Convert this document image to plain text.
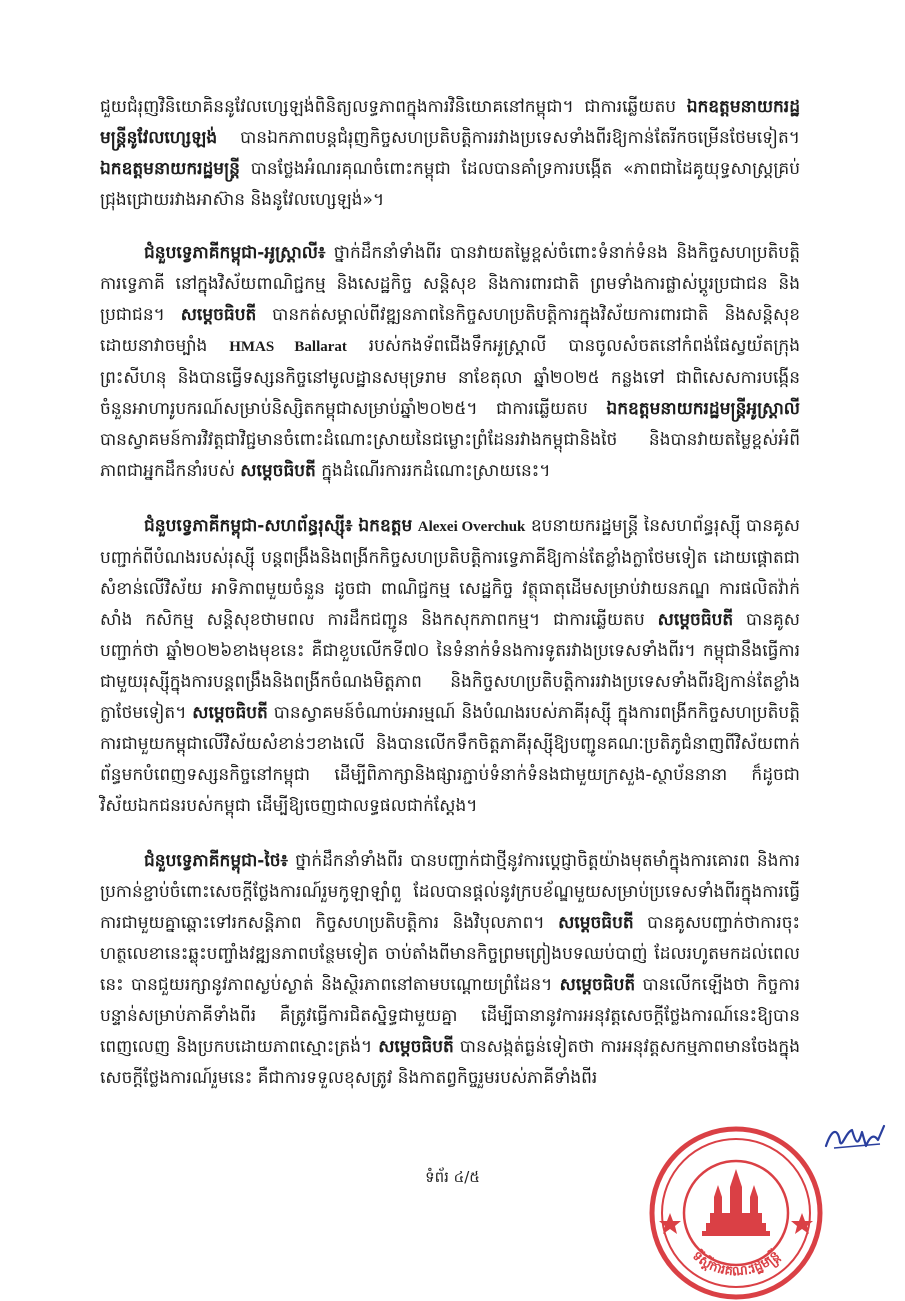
ជួយជំរុញវិនិយោគិននូវែលហ្សេឡង់ពិនិត្យលទ្ធភាពក្នុងការវិនិយោគនៅកម្ពុជា។ ជាការឆ្លើយតប ឯកឧត្តមនាយករដ្ឋមន្ត្រីនូវែលហ្សេឡង់ បានឯកភាពបន្តជំរុញកិច្ចសហប្រតិបត្តិការរវាងប្រទេសទាំងពីរឱ្យកាន់តែរីកចម្រើនថែមទៀត។ ឯកឧត្តមនាយករដ្ឋមន្ត្រី បានថ្លែងអំណរគុណចំពោះកម្ពុជា ដែលបានគាំទ្រការបង្កើត «ភាពជាដៃគូយុទ្ធសាស្ត្រគ្រប់ជ្រុងជ្រោយរវាងអាស៊ាន និងនូវែលហ្សេឡង់»។

ជំនួបទ្វេភាគីកម្ពុជា-អូស្ត្រាលី៖ ថ្នាក់ដឹកនាំទាំងពីរ បានវាយតម្លៃខ្ពស់ចំពោះទំនាក់ទំនង និងកិច្ចសហប្រតិបត្តិការទ្វេភាគី នៅក្នុងវិស័យពាណិជ្ជកម្ម និងសេដ្ឋកិច្ច សន្តិសុខ និងការពារជាតិ ព្រមទាំងការផ្លាស់ប្តូរប្រជាជន និងប្រជាជន។ សម្តេចធិបតី បានកត់សម្គាល់ពីវឌ្ឍនភាពនៃកិច្ចសហប្រតិបត្តិការក្នុងវិស័យការពារជាតិ និងសន្តិសុខ ដោយនាវាចម្បាំង HMAS Ballarat របស់កងទ័ពជើងទឹកអូស្ត្រាលី បានចូលសំចតនៅកំពង់ផែស្វយ័តក្រុងព្រះសីហនុ និងបានធ្វើទស្សនកិច្ចនៅមូលដ្ឋានសមុទ្ររាម នាខែតុលា ឆ្នាំ២០២៥ កន្លងទៅ ជាពិសេសការបង្កើនចំនួនអាហារូបករណ៍សម្រាប់និស្សិតកម្ពុជាសម្រាប់ឆ្នាំ២០២៥។ ជាការឆ្លើយតប ឯកឧត្តមនាយករដ្ឋមន្ត្រីអូស្ត្រាលី បានស្វាគមន៍ការវិវត្តជាវិជ្ជមានចំពោះដំណោះស្រាយនៃជម្លោះព្រំដែនរវាងកម្ពុជានិងថៃ និងបានវាយតម្លៃខ្ពស់អំពីភាពជាអ្នកដឹកនាំរបស់ សម្តេចធិបតី ក្នុងដំណើរការរកដំណោះស្រាយនេះ។

ជំនួបទ្វេភាគីកម្ពុជា-សហព័ន្ធរុស្ស៊ី៖ ឯកឧត្តម Alexei Overchuk ឧបនាយករដ្ឋមន្ត្រី នៃសហព័ន្ធរុស្ស៊ី បានគូសបញ្ជាក់ពីបំណងរបស់រុស្ស៊ី បន្តពង្រឹងនិងពង្រីកកិច្ចសហប្រតិបត្តិការទ្វេភាគីឱ្យកាន់តែខ្លាំងក្លាថែមទៀត ដោយផ្តោតជាសំខាន់លើវិស័យ អាទិភាពមួយចំនួន ដូចជា ពាណិជ្ជកម្ម សេដ្ឋកិច្ច វត្ថុធាតុដើមសម្រាប់វាយនភណ្ឌ ការផលិតវ៉ាក់សាំង កសិកម្ម សន្តិសុខថាមពល ការដឹកជញ្ជូន និងកសុកភាពកម្ម។ ជាការឆ្លើយតប សម្តេចធិបតី បានគូសបញ្ជាក់ថា ឆ្នាំ២០២៦ខាងមុខនេះ គឺជាខួបលើកទី៧០ នៃទំនាក់ទំនងការទូតរវាងប្រទេសទាំងពីរ។ កម្ពុជានឹងធ្វើការជាមួយរុស្ស៊ីក្នុងការបន្តពង្រឹងនិងពង្រីកចំណងមិត្តភាព និងកិច្ចសហប្រតិបត្តិការរវាងប្រទេសទាំងពីរឱ្យកាន់តែខ្លាំងក្លាថែមទៀត។ សម្តេចធិបតី បានស្វាគមន៍ចំណាប់អារម្មណ៍ និងបំណងរបស់ភាគីរុស្ស៊ី ក្នុងការពង្រីកកិច្ចសហប្រតិបត្តិការជាមួយកម្ពុជាលើវិស័យសំខាន់ៗខាងលើ និងបានលើកទឹកចិត្តភាគីរុស្ស៊ីឱ្យបញ្ជូនគណៈប្រតិភូជំនាញពីវិស័យពាក់ព័ន្ធមកបំពេញទស្សនកិច្ចនៅកម្ពុជា ដើម្បីពិភាក្សានិងផ្សារភ្ជាប់ទំនាក់ទំនងជាមួយក្រសួង-ស្ថាប័ននានា ក៏ដូចជា វិស័យឯកជនរបស់កម្ពុជា ដើម្បីឱ្យចេញជាលទ្ធផលជាក់ស្តែង។

ជំនួបទ្វេភាគីកម្ពុជា-ថៃ៖ ថ្នាក់ដឹកនាំទាំងពីរ បានបញ្ជាក់ជាថ្មីនូវការប្តេជ្ញាចិត្តយ៉ាងមុតមាំក្នុងការគោរព និងការប្រកាន់ខ្ជាប់ចំពោះសេចក្តីថ្លែងការណ៍រួមកូឡាឡាំពួ ដែលបានផ្តល់នូវក្របខ័ណ្ឌមួយសម្រាប់ប្រទេសទាំងពីរក្នុងការធ្វើការជាមួយគ្នាឆ្ពោះទៅរកសន្តិភាព កិច្ចសហប្រតិបត្តិការ និងវិបុលភាព។ សម្តេចធិបតី បានគូសបញ្ជាក់ថាការចុះហត្ថលេខានេះឆ្លុះបញ្ចាំងវឌ្ឍនភាពបន្ថែមទៀត ចាប់តាំងពីមានកិច្ចព្រមព្រៀងបទឈប់បាញ់ ដែលរហូតមកដល់ពេលនេះ បានជួយរក្សានូវភាពស្ងប់ស្ងាត់ និងស្ថិរភាពនៅតាមបណ្តោយព្រំដែន។ សម្តេចធិបតី បានលើកឡើងថា កិច្ចការបន្ទាន់សម្រាប់ភាគីទាំងពីរ គឺត្រូវធ្វើការជិតស្និទ្ធជាមួយគ្នា ដើម្បីធានានូវការអនុវត្តសេចក្តីថ្លែងការណ៍នេះឱ្យបានពេញលេញ និងប្រកបដោយភាពស្មោះត្រង់។ សម្តេចធិបតី បានសង្កត់ធ្ងន់ទៀតថា ការអនុវត្តសកម្មភាពមានចែងក្នុងសេចក្តីថ្លែងការណ៍រួមនេះ គឺជាការទទួលខុសត្រូវ និងកាតព្វកិច្ចរួមរបស់ភាគីទាំងពីរ

ទំព័រ ៤/៥
ទីស្តីការគណៈរដ្ឋមន្ត្រី
